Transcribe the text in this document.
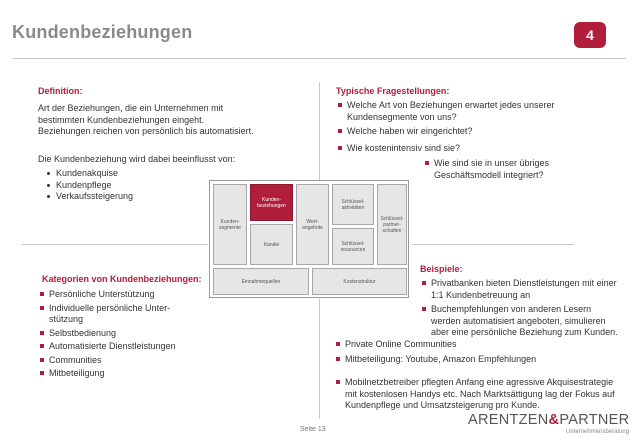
Kundenbeziehungen	4
Definition:

Art der Beziehungen, die ein Unternehmen mit

bestimmten Kundenbeziehungen eingeht.

Beziehungen reichen von persönlich bis automatisiert.

Die Kundenbeziehung wird dabei beeinflusst von:
Kundenakquise
Kundenpflege
Verkaufssteigerung
Typische Fragestellungen:
Welche Art von Beziehungen erwartet jedes unserer Kundensegmente von uns?
Welche haben wir eingerichtet?
Wie kostenintensiv sind sie?
Wie sind sie in unser übriges Geschäftsmodell integriert?
Kunden-segmente
Kunden-beziehungen
Kanäle
Wert-angebote
Schlüssel-aktivitäten
Schlüssel-ressourcen
Schlüssel-partner-schaften
Einnahmequellen	Kostenstruktur
Kategorien von Kundenbeziehungen:
Persönliche Unterstützung
Individuelle persönliche Unter-stützung
Selbstbedienung
Automatisierte Dienstleistungen
Communities
Mitbeteiligung
Beispiele:
Privatbanken bieten Dienstleistungen mit einer 1:1 Kundenbetreuung an
Buchempfehlungen von anderen Lesern werden automatisiert angeboten, simulieren aber eine persönliche Beziehung zum Kunden.
Private Online Communities
Mitbeteiligung: Youtube, Amazon Empfehlungen
Mobilnetzbetreiber pflegten Anfang eine agressive Akquisestrategie mit kostenlosen Handys etc. Nach Marktsättigung lag der Fokus auf Kundenpflege und Umsatzsteigerung pro Kunde.
Seite 13
ARENTZEN&PARTNER
Unternehmensberatung
